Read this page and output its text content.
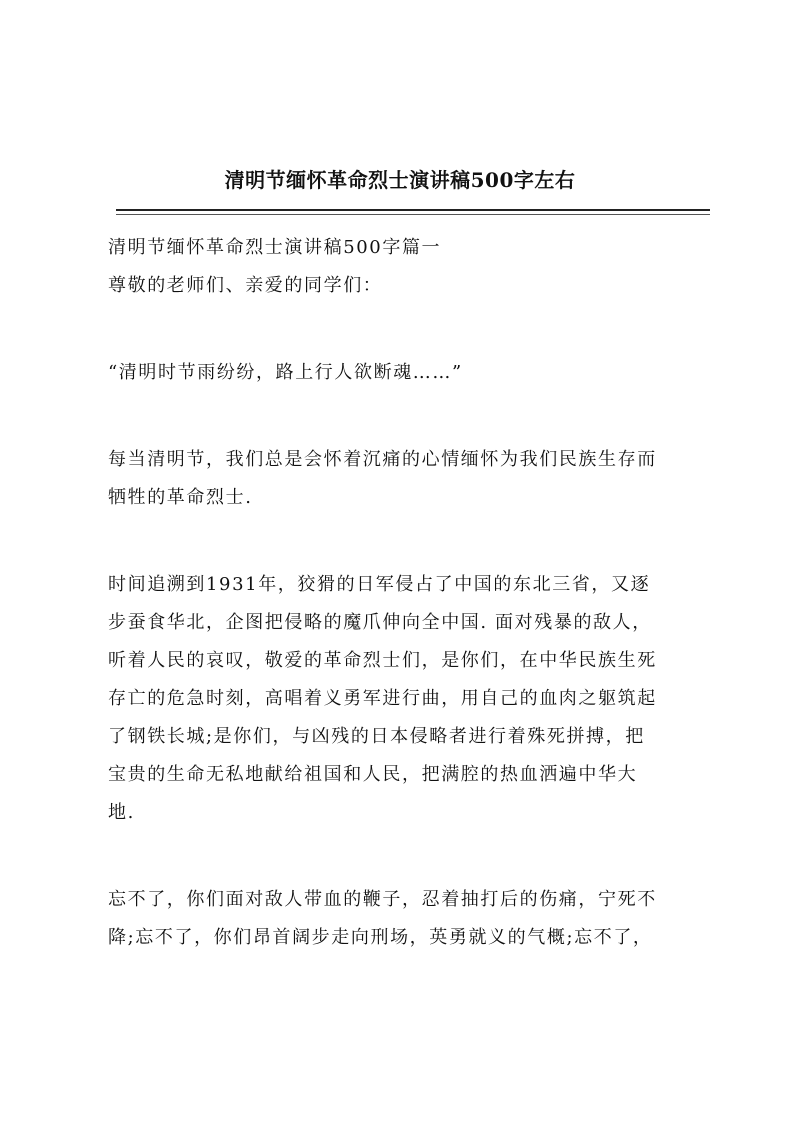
清明节缅怀革命烈士演讲稿500字左右
清明节缅怀革命烈士演讲稿500字篇一
尊敬的老师们、亲爱的同学们：
“清明时节雨纷纷，路上行人欲断魂……”
每当清明节，我们总是会怀着沉痛的心情缅怀为我们民族生存而
牺牲的革命烈士.
时间追溯到1931年，狡猾的日军侵占了中国的东北三省，又逐
步蚕食华北，企图把侵略的魔爪伸向全中国. 面对残暴的敌人，
听着人民的哀叹，敬爱的革命烈士们，是你们，在中华民族生死
存亡的危急时刻，高唱着义勇军进行曲，用自己的血肉之躯筑起
了钢铁长城;是你们，与凶残的日本侵略者进行着殊死拼搏，把
宝贵的生命无私地献给祖国和人民，把满腔的热血洒遍中华大
地.
忘不了，你们面对敌人带血的鞭子，忍着抽打后的伤痛，宁死不
降;忘不了，你们昂首阔步走向刑场，英勇就义的气概;忘不了，
